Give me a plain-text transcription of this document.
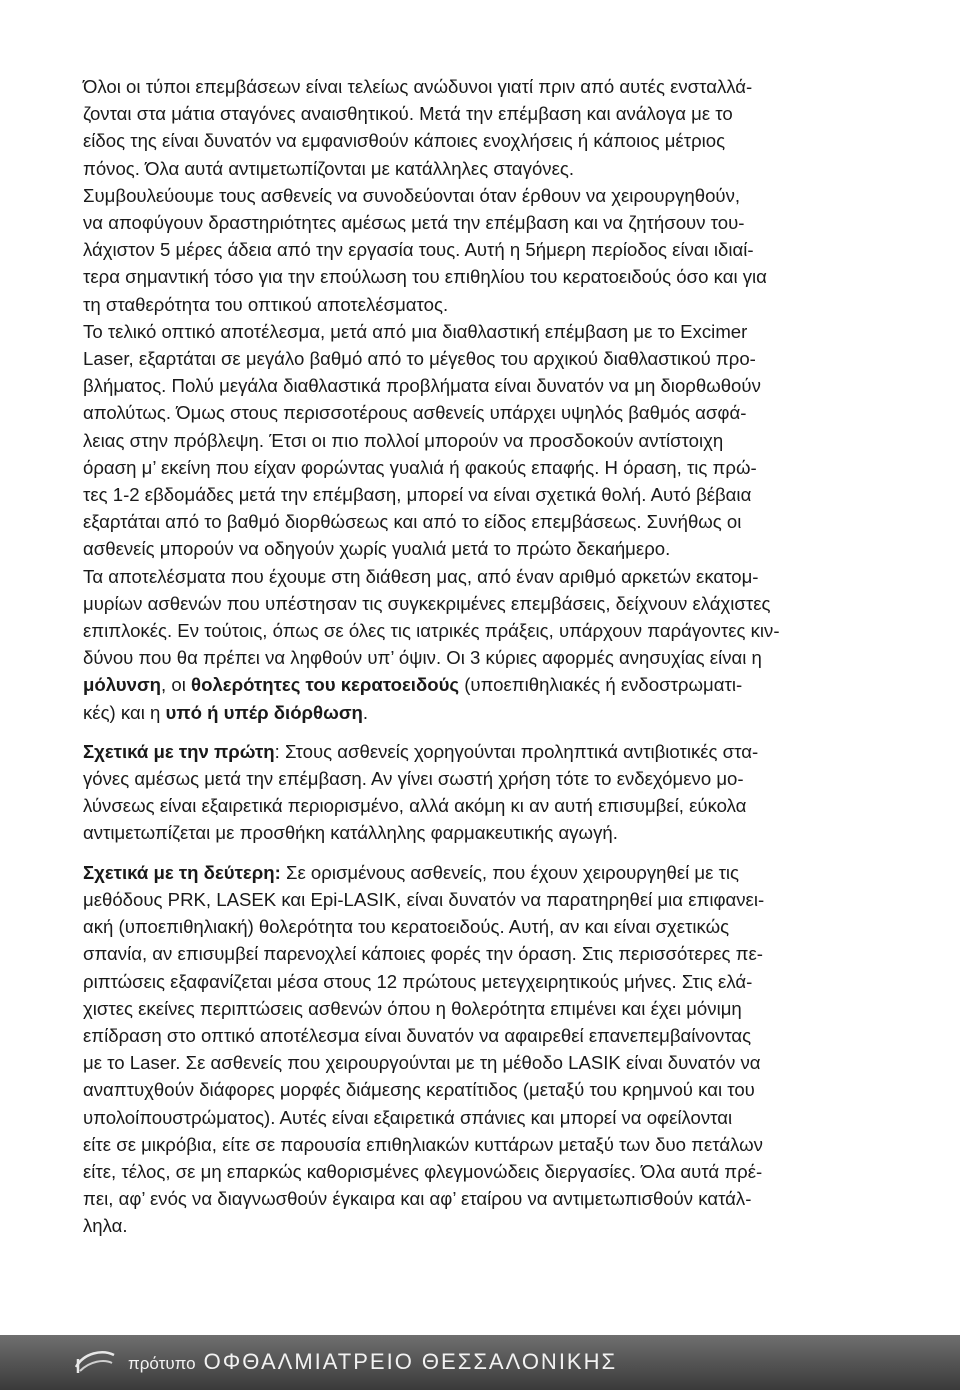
Όλοι οι τύποι επεμβάσεων είναι τελείως ανώδυνοι γιατί πριν από αυτές ενσταλλά-
ζονται στα μάτια σταγόνες αναισθητικού. Μετά την επέμβαση και ανάλογα με το
είδος της είναι δυνατόν να εμφανισθούν κάποιες ενοχλήσεις ή κάποιος μέτριος
πόνος. Όλα αυτά αντιμετωπίζονται με κατάλληλες σταγόνες.
Συμβουλεύουμε τους ασθενείς να συνοδεύονται όταν έρθουν να χειρουργηθούν,
να αποφύγουν δραστηριότητες αμέσως μετά την επέμβαση και να ζητήσουν του-
λάχιστον 5 μέρες άδεια από την εργασία τους. Αυτή η 5ήμερη περίοδος είναι ιδιαί-
τερα σημαντική τόσο για την επούλωση του επιθηλίου του κερατοειδούς όσο και για
τη σταθερότητα του οπτικού αποτελέσματος.
Το τελικό οπτικό αποτέλεσμα, μετά από μια διαθλαστική επέμβαση με το Excimer
Laser, εξαρτάται σε μεγάλο βαθμό από το μέγεθος του αρχικού διαθλαστικού προ-
βλήματος. Πολύ μεγάλα διαθλαστικά προβλήματα είναι δυνατόν να μη διορθωθούν
απολύτως. Όμως στους περισσοτέρους ασθενείς υπάρχει υψηλός βαθμός ασφά-
λειας στην πρόβλεψη. Έτσι οι πιο πολλοί μπορούν να προσδοκούν αντίστοιχη
όραση μ’ εκείνη που είχαν φορώντας γυαλιά ή φακούς επαφής. Η όραση, τις πρώ-
τες 1-2 εβδομάδες μετά την επέμβαση, μπορεί να είναι σχετικά θολή. Αυτό βέβαια
εξαρτάται από το βαθμό διορθώσεως και από το είδος επεμβάσεως. Συνήθως οι
ασθενείς μπορούν να οδηγούν χωρίς γυαλιά μετά το πρώτο δεκαήμερο.
Τα αποτελέσματα που έχουμε στη διάθεση μας, από έναν αριθμό αρκετών εκατομ-
μυρίων ασθενών που υπέστησαν τις συγκεκριμένες επεμβάσεις, δείχνουν ελάχιστες
επιπλοκές. Εν τούτοις, όπως σε όλες τις ιατρικές πράξεις, υπάρχουν παράγοντες κιν-
δύνου που θα πρέπει να ληφθούν υπ’ όψιν. Οι 3 κύριες αφορμές ανησυχίας είναι η
μόλυνση, οι θολερότητες του κερατοειδούς (υποεπιθηλιακές ή ενδοστρωματι-
κές) και η υπό ή υπέρ διόρθωση.
Σχετικά με την πρώτη: Στους ασθενείς χορηγούνται προληπτικά αντιβιοτικές στα-
γόνες αμέσως μετά την επέμβαση. Αν γίνει σωστή χρήση τότε το ενδεχόμενο μο-
λύνσεως είναι εξαιρετικά περιορισμένο, αλλά ακόμη κι αν αυτή επισυμβεί, εύκολα
αντιμετωπίζεται με προσθήκη κατάλληλης φαρμακευτικής αγωγή.
Σχετικά με τη δεύτερη: Σε ορισμένους ασθενείς, που έχουν χειρουργηθεί με τις
μεθόδους PRK, LASEK και Epi-LASIK, είναι δυνατόν να παρατηρηθεί μια επιφανει-
ακή (υποεπιθηλιακή) θολερότητα του κερατοειδούς. Αυτή, αν και είναι σχετικώς
σπανία, αν επισυμβεί παρενοχλεί κάποιες φορές την όραση. Στις περισσότερες πε-
ριπτώσεις εξαφανίζεται μέσα στους 12 πρώτους μετεγχειρητικούς μήνες. Στις ελά-
χιστες εκείνες περιπτώσεις ασθενών όπου η θολερότητα επιμένει και έχει μόνιμη
επίδραση στο οπτικό αποτέλεσμα είναι δυνατόν να αφαιρεθεί επανεπεμβαίνοντας
με το Laser. Σε ασθενείς που χειρουργούνται με τη μέθοδο LASIK είναι δυνατόν να
αναπτυχθούν διάφορες μορφές διάμεσης κερατίτιδος (μεταξύ του κρημνού και του
υπολοίπουστρώματος). Αυτές είναι εξαιρετικά σπάνιες και μπορεί να οφείλονται
είτε σε μικρόβια, είτε σε παρουσία επιθηλιακών κυττάρων μεταξύ των δυο πετάλων
είτε, τέλος, σε μη επαρκώς καθορισμένες φλεγμονώδεις διεργασίες. Όλα αυτά πρέ-
πει, αφ’ ενός να διαγνωσθούν έγκαιρα και αφ’ εταίρου να αντιμετωπισθούν κατάλ-
ληλα.
πρότυπο ΟΦΘΑΛΜΙΑΤΡΕΙΟ ΘΕΣΣΑΛΟΝΙΚΗΣ
